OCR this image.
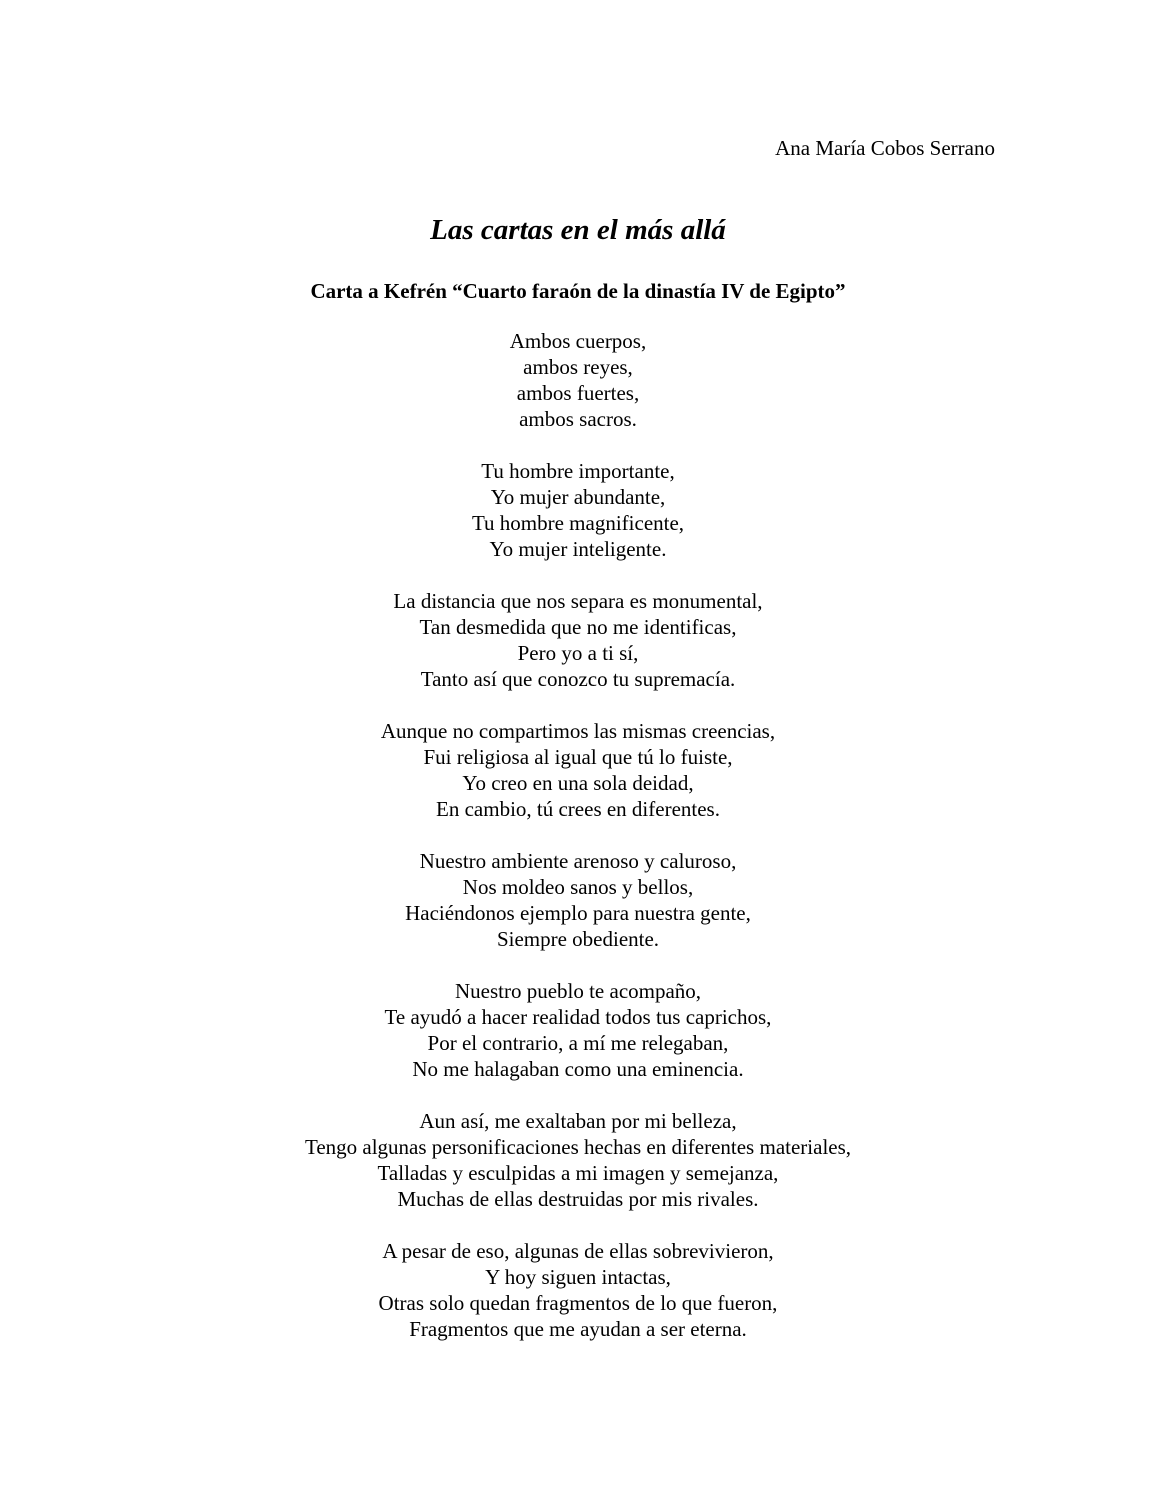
Ana María Cobos Serrano
Las cartas en el más allá
Carta a Kefrén “Cuarto faraón de la dinastía IV de Egipto”
Ambos cuerpos,
ambos reyes,
ambos fuertes,
ambos sacros.
Tu hombre importante,
Yo mujer abundante,
Tu hombre magnificente,
Yo mujer inteligente.
La distancia que nos separa es monumental,
Tan desmedida que no me identificas,
Pero yo a ti sí,
Tanto así que conozco tu supremacía.
Aunque no compartimos las mismas creencias,
Fui religiosa al igual que tú lo fuiste,
Yo creo en una sola deidad,
En cambio, tú crees en diferentes.
Nuestro ambiente arenoso y caluroso,
Nos moldeo sanos y bellos,
Haciéndonos ejemplo para nuestra gente,
Siempre obediente.
Nuestro pueblo te acompaño,
Te ayudó a hacer realidad todos tus caprichos,
Por el contrario, a mí me relegaban,
No me halagaban como una eminencia.
Aun así, me exaltaban por mi belleza,
Tengo algunas personificaciones hechas en diferentes materiales,
Talladas y esculpidas a mi imagen y semejanza,
Muchas de ellas destruidas por mis rivales.
A pesar de eso, algunas de ellas sobrevivieron,
Y hoy siguen intactas,
Otras solo quedan fragmentos de lo que fueron,
Fragmentos que me ayudan a ser eterna.
